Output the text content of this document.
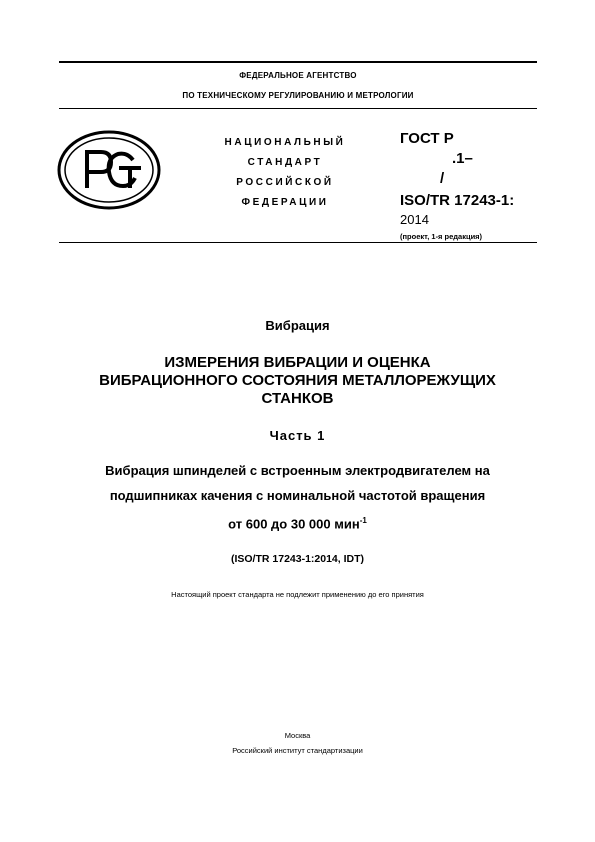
ФЕДЕРАЛЬНОЕ АГЕНТСТВО
ПО ТЕХНИЧЕСКОМУ РЕГУЛИРОВАНИЮ И МЕТРОЛОГИИ
НАЦИОНАЛЬНЫЙ
СТАНДАРТ
РОССИЙСКОЙ
ФЕДЕРАЦИИ
ГОСТ Р
.1–
/
ISO/TR 17243-1:
2014
(проект, 1-я редакция)
Вибрация
ИЗМЕРЕНИЯ ВИБРАЦИИ И ОЦЕНКА
ВИБРАЦИОННОГО СОСТОЯНИЯ МЕТАЛЛОРЕЖУЩИХ
СТАНКОВ
Часть 1
Вибрация шпинделей с встроенным электродвигателем на
подшипниках качения с номинальной частотой вращения
от 600 до 30 000 мин$^{-1}$
(ISO/TR 17243-1:2014, IDT)
Настоящий проект стандарта не подлежит применению до его принятия
Москва
Российский институт стандартизации
